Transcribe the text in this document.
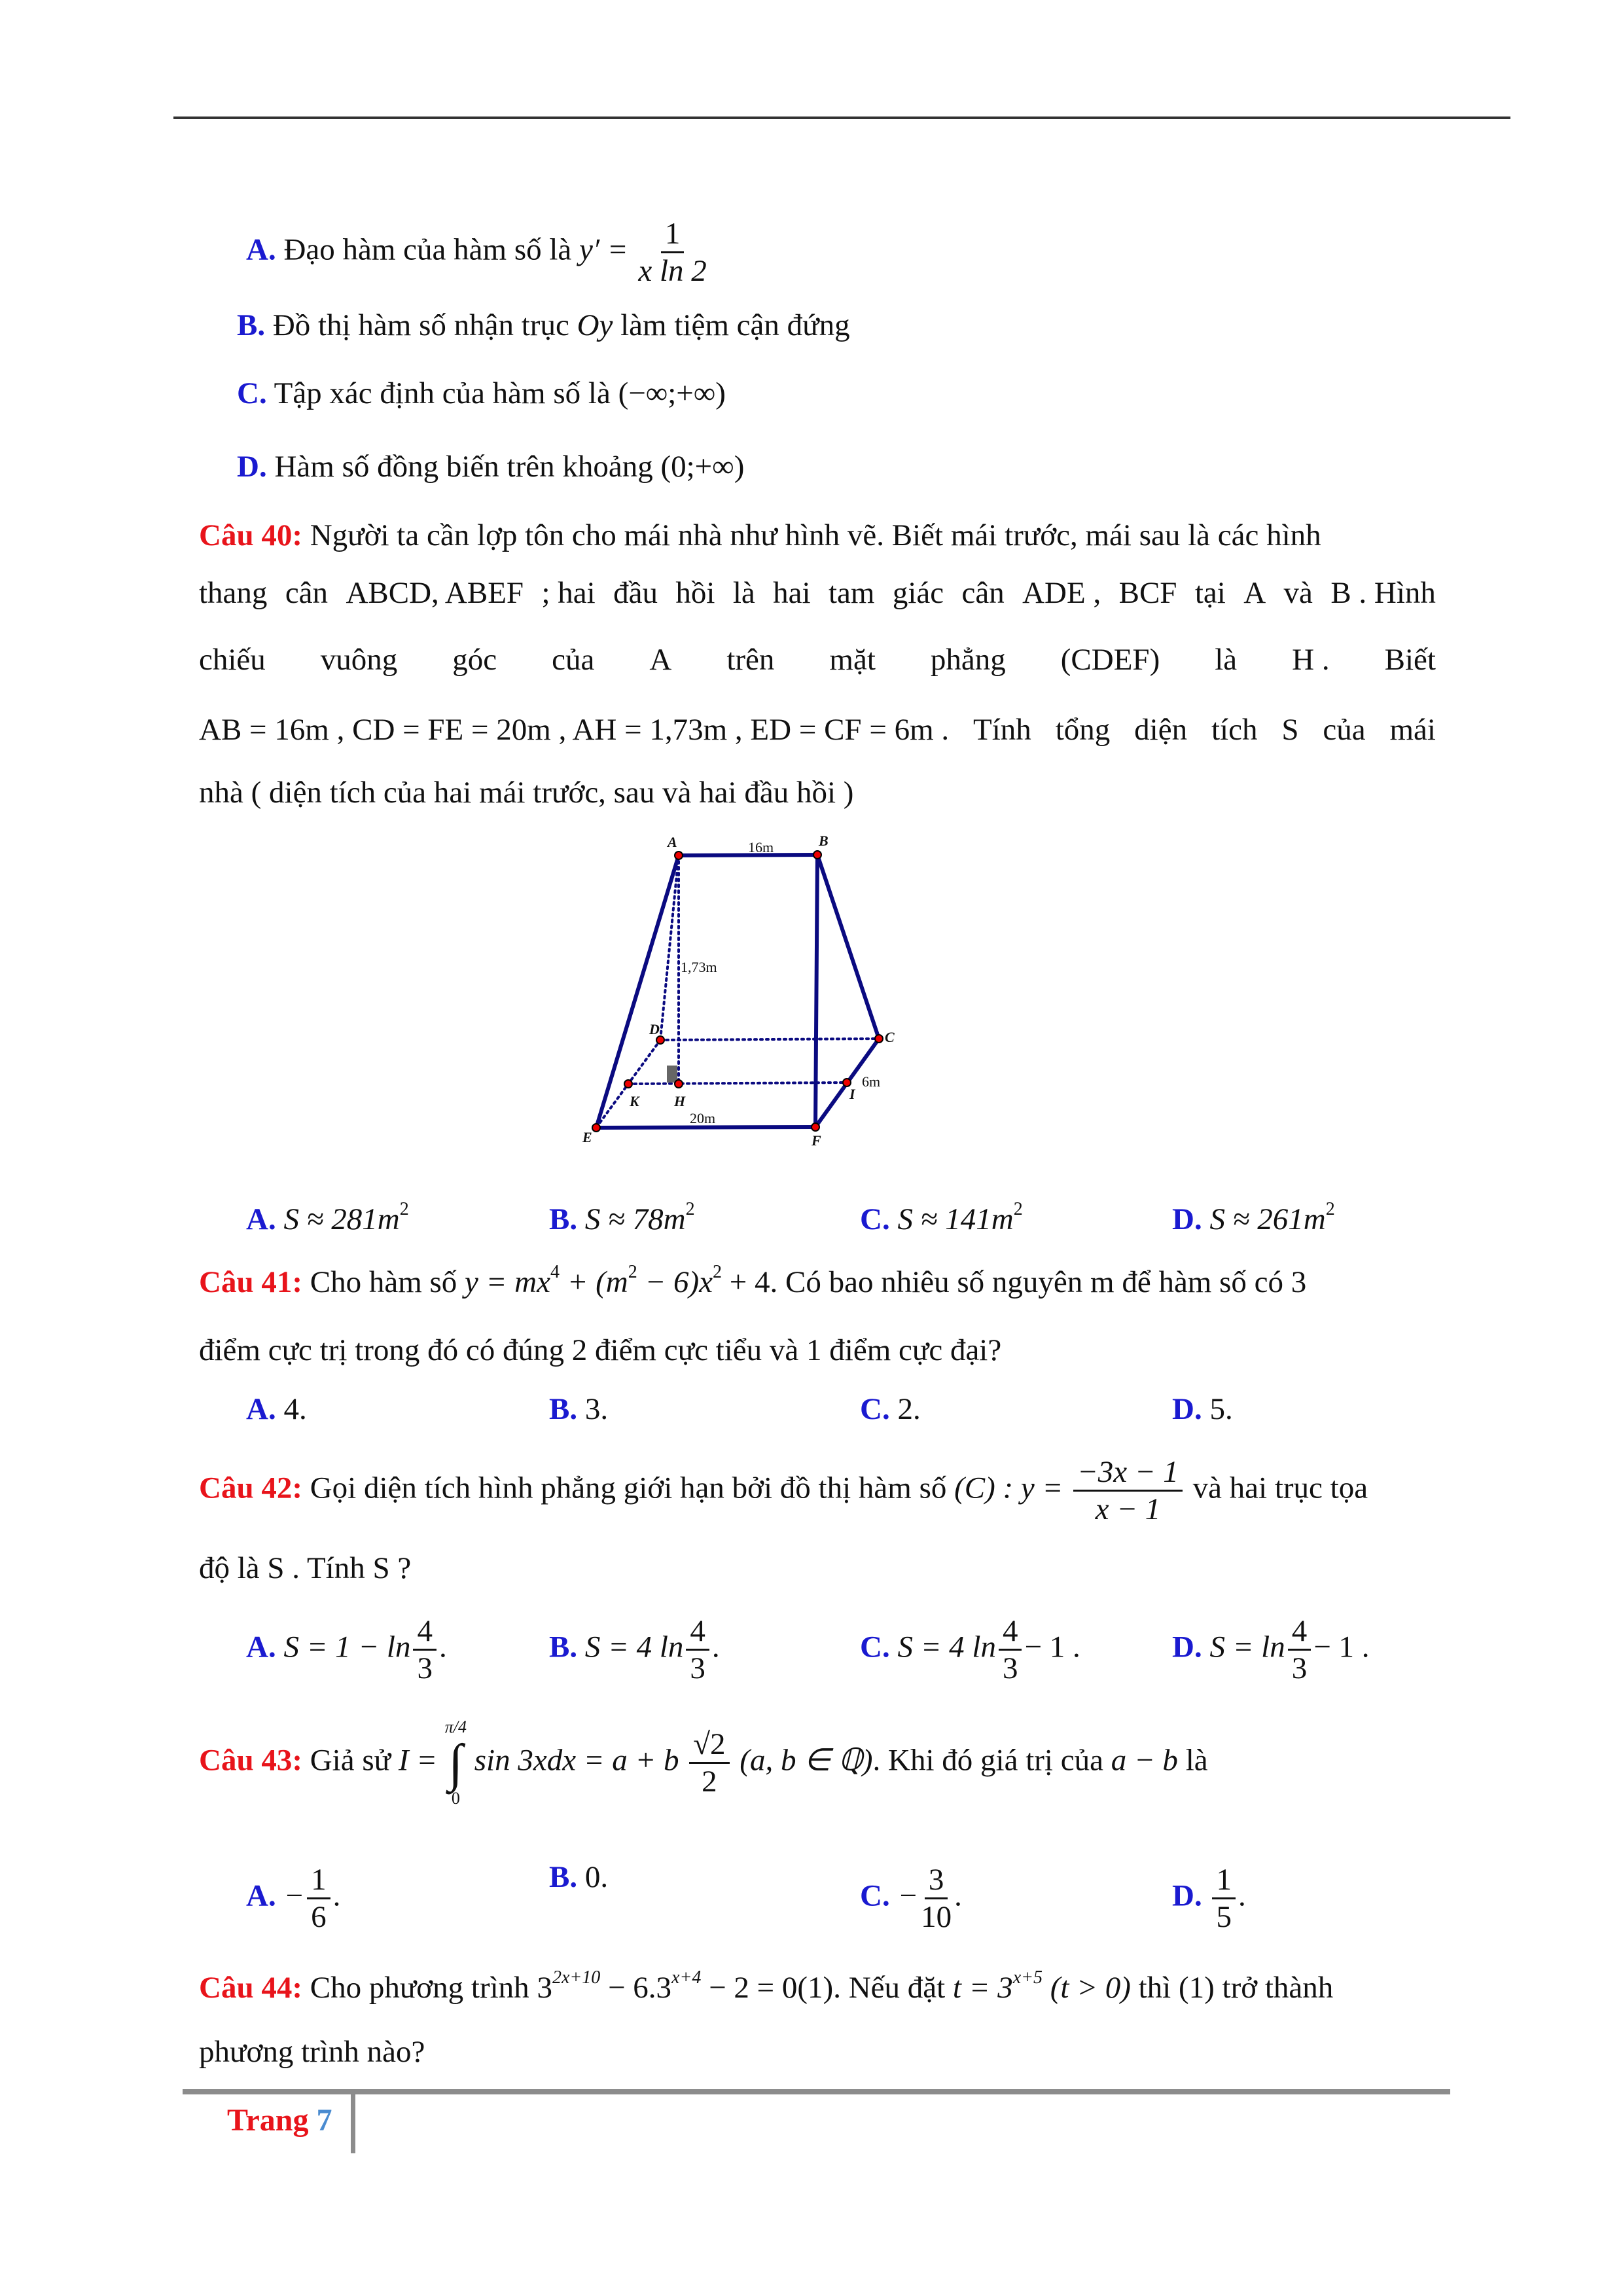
A. Đạo hàm của hàm số là $y' = \frac{1}{\text{x ln 2}}$
B. Đồ thị hàm số nhận trục Oy làm tiệm cận đứng
C. Tập xác định của hàm số là (−∞;+∞)
D. Hàm số đồng biến trên khoảng (0;+∞)
Câu 40: Người ta cần lợp tôn cho mái nhà như hình vẽ. Biết mái trước, mái sau là các hình
thang cân ABCD, ABEF ; hai đầu hồi là hai tam giác cân ADE , BCF tại A và B . Hình
chiếu vuông góc của A trên mặt phẳng (CDEF) là H . Biết
AB = 16m , CD = FE = 20m , AH = 1,73m , ED = CF = 6m . Tính tổng diện tích S của mái
nhà ( diện tích của hai mái trước, sau và hai đầu hồi )
A	B
C
D
E	F
K H	I
16m
1,73m
20m
6m
A. $S \approx 281m^2$	B. $S \approx 78m^2$	C. $S \approx 141m^2$	D. $S \approx 261m^2$
Câu 41: Cho hàm số $y = mx^4 + (m^2 - 6)x^2 + 4$. Có bao nhiêu số nguyên m để hàm số có 3
điểm cực trị trong đó có đúng 2 điểm cực tiểu và 1 điểm cực đại?
A. 4.	B. 3.	C. 2.	D. 5.
Câu 42: Gọi diện tích hình phẳng giới hạn bởi đồ thị hàm số (C) : $y = \frac{-3x - 1}{x - 1}$ và hai trục tọa
độ là S . Tính S ?
A. $S = 1 - \ln \frac{4}{3}$ .	B. S = 4 $\ln \frac{4}{3}$ .	C. S = 4 $\ln \frac{4}{3} - 1$ .	D. $S = \ln \frac{4}{3} - 1$ .
Câu 43: Giả sử I =
π/4
∫
0
sin 3xdx = a + b $\frac{√2}{2} (a$, b ∈ ℚ). Khi đó giá trị của a − b là
A. − $\frac{1}{6}$ .
B. 0.
C. − $\frac{3}{10}$ .	D. $\frac{1}{5}$ .
Câu 44: Cho phương trình $3^{2x+10} - 6.3^{x+4} - 2 = 0(1)$. Nếu đặt $t = 3^{x+5}$ (t > 0) thì (1) trở thành
phương trình nào?
Trang 7
